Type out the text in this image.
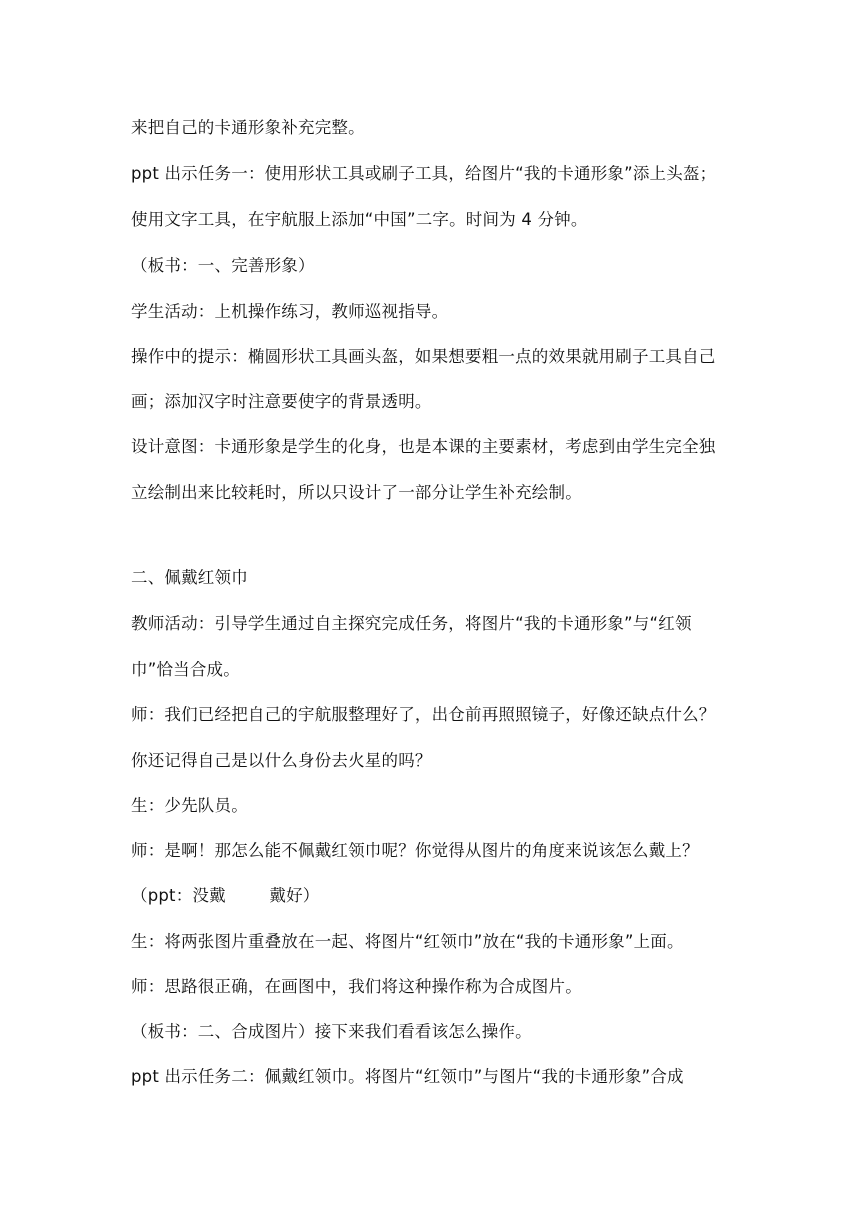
来把自己的卡通形象补充完整。
ppt 出示任务一：使用形状工具或刷子工具，给图片“我的卡通形象”添上头盔；
使用文字工具，在宇航服上添加“中国”二字。时间为 4 分钟。
（板书：一、完善形象）
学生活动：上机操作练习，教师巡视指导。
操作中的提示：椭圆形状工具画头盔，如果想要粗一点的效果就用刷子工具自己
画；添加汉字时注意要使字的背景透明。
设计意图：卡通形象是学生的化身，也是本课的主要素材，考虑到由学生完全独
立绘制出来比较耗时，所以只设计了一部分让学生补充绘制。
二、佩戴红领巾
教师活动：引导学生通过自主探究完成任务，将图片“我的卡通形象”与“红领
巾”恰当合成。
师：我们已经把自己的宇航服整理好了，出仓前再照照镜子，好像还缺点什么？
你还记得自己是以什么身份去火星的吗？
生：少先队员。
师：是啊！那怎么能不佩戴红领巾呢？你觉得从图片的角度来说该怎么戴上？
（ppt：没戴        戴好）
生：将两张图片重叠放在一起、将图片“红领巾”放在“我的卡通形象”上面。
师：思路很正确，在画图中，我们将这种操作称为合成图片。
（板书：二、合成图片）接下来我们看看该怎么操作。
ppt 出示任务二：佩戴红领巾。将图片“红领巾”与图片“我的卡通形象”合成
